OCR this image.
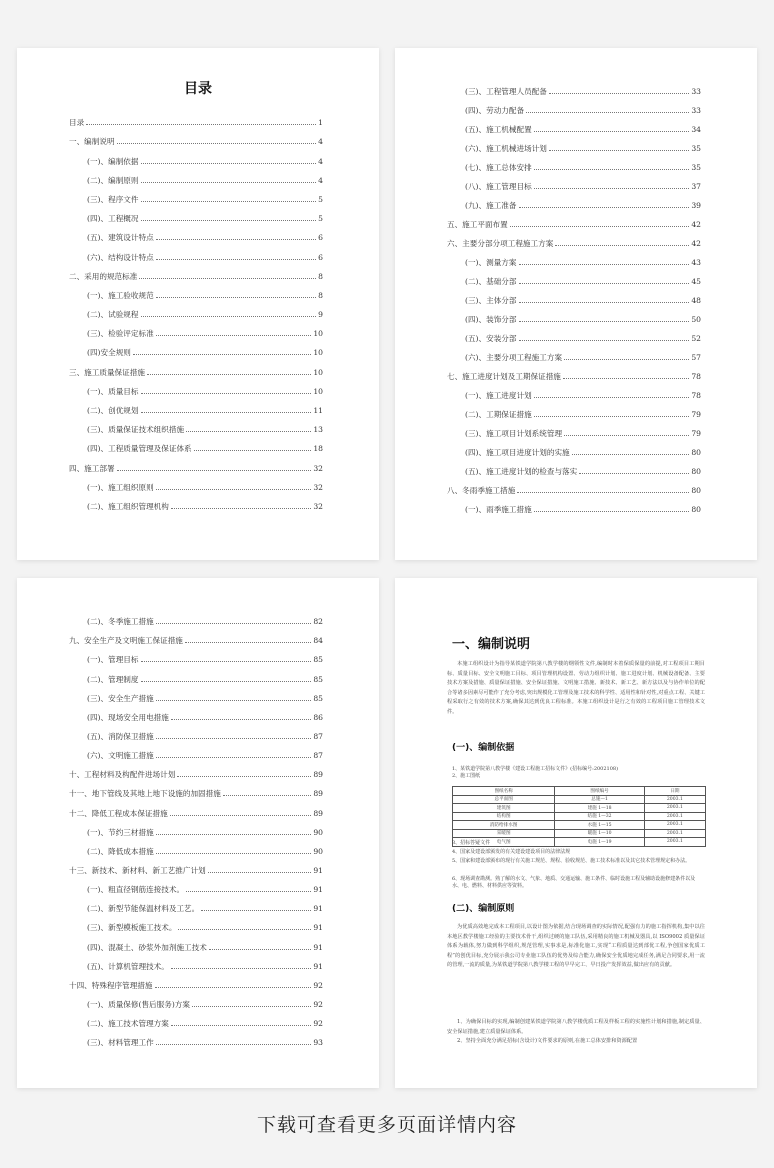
目录
目录	1
一、编制说明	4
(一)、编制依据	4
(二)、编制原则	4
(三)、程序文件	5
(四)、工程概况	5
(五)、建筑设计特点	6
(六)、结构设计特点	6
二、采用的规范标准	8
(一)、施工验收规范	8
(二)、试验规程	9
(三)、检验评定标准	10
(四)安全规则	10
三、施工质量保证措施	10
(一)、质量目标	10
(二)、创优规划	11
(三)、质量保证技术组织措施	13
(四)、工程质量管理及保证体系	18
四、施工部署	32
(一)、施工组织原则	32
(二)、施工组织管理机构	32
(三)、工程管理人员配备	33
(四)、劳动力配备	33
(五)、施工机械配置	34
(六)、施工机械进场计划	35
(七)、施工总体安排	35
(八)、施工管理目标	37
(九)、施工准备	39
五、施工平面布置	42
六、主要分部分项工程施工方案	42
(一)、测量方案	43
(二)、基础分部	45
(三)、主体分部	48
(四)、装饰分部	50
(五)、安装分部	52
(六)、主要分项工程施工方案	57
七、施工进度计划及工期保证措施	78
(一)、施工进度计划	78
(二)、工期保证措施	79
(三)、施工项目计划系统管理	79
(四)、施工项目进度计划的实施	80
(五)、施工进度计划的检查与落实	80
八、冬雨季施工措施	80
(一)、雨季施工措施	80
(二)、冬季施工措施	82
九、安全生产及文明施工保证措施	84
(一)、管理目标	85
(二)、管理制度	85
(三)、安全生产措施	85
(四)、现场安全用电措施	86
(五)、消防保卫措施	87
(六)、文明施工措施	87
十、工程材料及构配件进场计划	89
十一、地下管线及其地上地下设施的加固措施	89
十二、降低工程成本保证措施	89
(一)、节约三材措施	90
(二)、降低成本措施	90
十三、新技术、新材料、新工艺推广计划	91
(一)、粗直径钢筋连接技术。	91
(二)、新型节能保温材料及工艺。	91
(三)、新型模板施工技术。	91
(四)、混凝土、砂浆外加剂施工技术	91
(五)、计算机管理技术。	91
十四、特殊程序管理措施	92
(一)、质量保修(售后服务)方案	92
(二)、施工技术管理方案	92
(三)、材料管理工作	93
一、编制说明
本施工组织设计为指导某铁道学院第八教学楼的纲领性文件,编制时本着保质保量的前提,对工程项目工期目标、质量目标、安全文明施工目标、项目管理机构设置、劳动力组织计划、施工进度计划、机械设备配备、主要技术方案及措施、质量保证措施、安全保证措施、文明施工措施、新技术、新工艺、新方法以及与协作单位的配合等诸多因素尽可能作了充分考虑,突出规模化工管理及施工技术的科学性、适用性和针对性,对重点工程、关键工程采取行之有效的技术方案,确保其达到优良工程标准。本施工组织设计是行之有效的工程项目施工管理技术文件。
(一)、编制依据
1、某铁道学院第八教学楼《建设工程施工招标文件》(招标编号:2002108)
2、施工图纸
图纸名称	图纸编号	日期
总平面图	总施—1	2003.1
建筑图	建施 1—18	2003.1
结构图	结施 1—32	2003.1
消防给排水图	水施 1—15	2003.1
采暖图	暖施 1—10	2003.1
电气图	电施 1—19	2003.1
3、招标答疑文件
4、国家及建设部颁发的有关建设建设项目的法律法规
5、国家和建设部颁布的现行有关施工规范、规程、验收规范、施工技术标准以及其它技术管理规定和办法。
6、现场调查勘测。熟了解的水文、气象、地质、交通运输、施工条件、临时设施工程及辅助设施修建条件以及水、电、燃料、材料供应等资料。
(二)、编制原则
为优质高效地完成本工程项目,以设计图为依据,结合现场调查的实际情况,配强有力的施工指挥机构,集中以往本地区教学楼施工经验的主要技术骨干,组织过硬的施工队伍,采用精良的施工机械及器具,以 ISO9002 质量保证体系为载体,努力做到科学组织,规范管理,实事求是,标准化施工,实现“工程质量达到部优工程,争创国家优质工程”的创优目标,充分展示我公司专业施工队伍的优势及综合能力,确保安全优质地完成任务,满足合同要求,用一流的管理,一流的质量,为某铁道学院第八教学楼工程的早早完工、早日投产发挥效益,做出应有的贡献。
1、为确保目标的实现,编制创建某铁道学院第八教学楼优质工程及样板工程的实施性计划和措施,制定质量、安全保证措施,建立质量保证体系。
2、坚持全面充分满足招标(含设计)文件要求的原则,在施工总体安排和资源配置
下载可查看更多页面详情内容
